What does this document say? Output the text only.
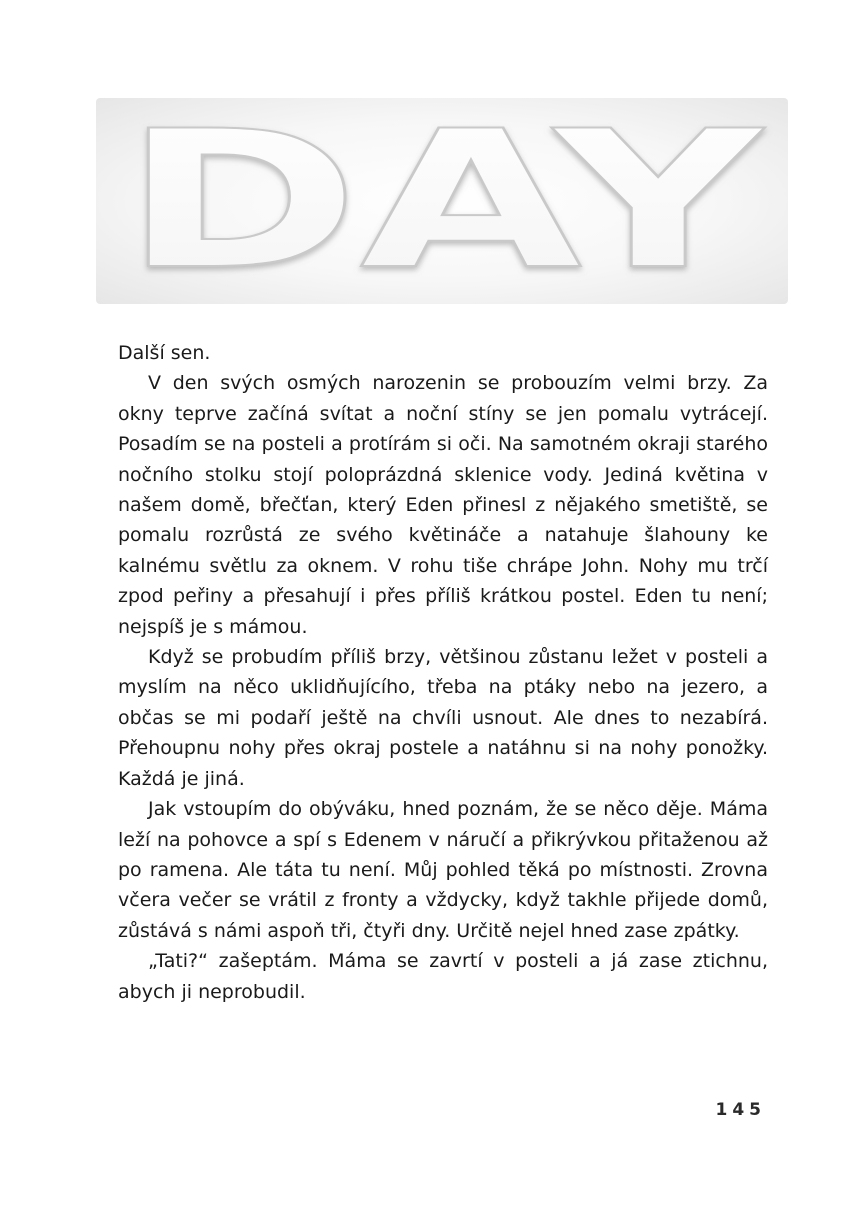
DAY

Další sen.

V den svých osmých narozenin se probouzím velmi brzy. Za okny teprve začíná svítat a noční stíny se jen pomalu vytrácejí. Posadím se na posteli a protírám si oči. Na samotném okraji starého nočního stolku stojí poloprázdná sklenice vody. Jediná květina v našem domě, břečťan, který Eden přinesl z nějakého smetiště, se pomalu rozrůstá ze svého květináče a natahuje šlahouny ke kalnému světlu za oknem. V rohu tiše chrápe John. Nohy mu trčí zpod peřiny a přesahují i přes příliš krátkou postel. Eden tu není; nejspíš je s mámou.

Když se probudím příliš brzy, většinou zůstanu ležet v posteli a myslím na něco uklidňujícího, třeba na ptáky nebo na jezero, a občas se mi podaří ještě na chvíli usnout. Ale dnes to nezabírá. Přehoupnu nohy přes okraj postele a natáhnu si na nohy ponožky. Každá je jiná.

Jak vstoupím do obýváku, hned poznám, že se něco děje. Máma leží na pohovce a spí s Edenem v náručí a přikrývkou přitaženou až po ramena. Ale táta tu není. Můj pohled těká po místnosti. Zrovna včera večer se vrátil z fronty a vždycky, když takhle přijede domů, zůstává s námi aspoň tři, čtyři dny. Určitě nejel hned zase zpátky.

„Tati?“ zašeptám. Máma se zavrtí v posteli a já zase ztichnu, abych ji neprobudil.

145
